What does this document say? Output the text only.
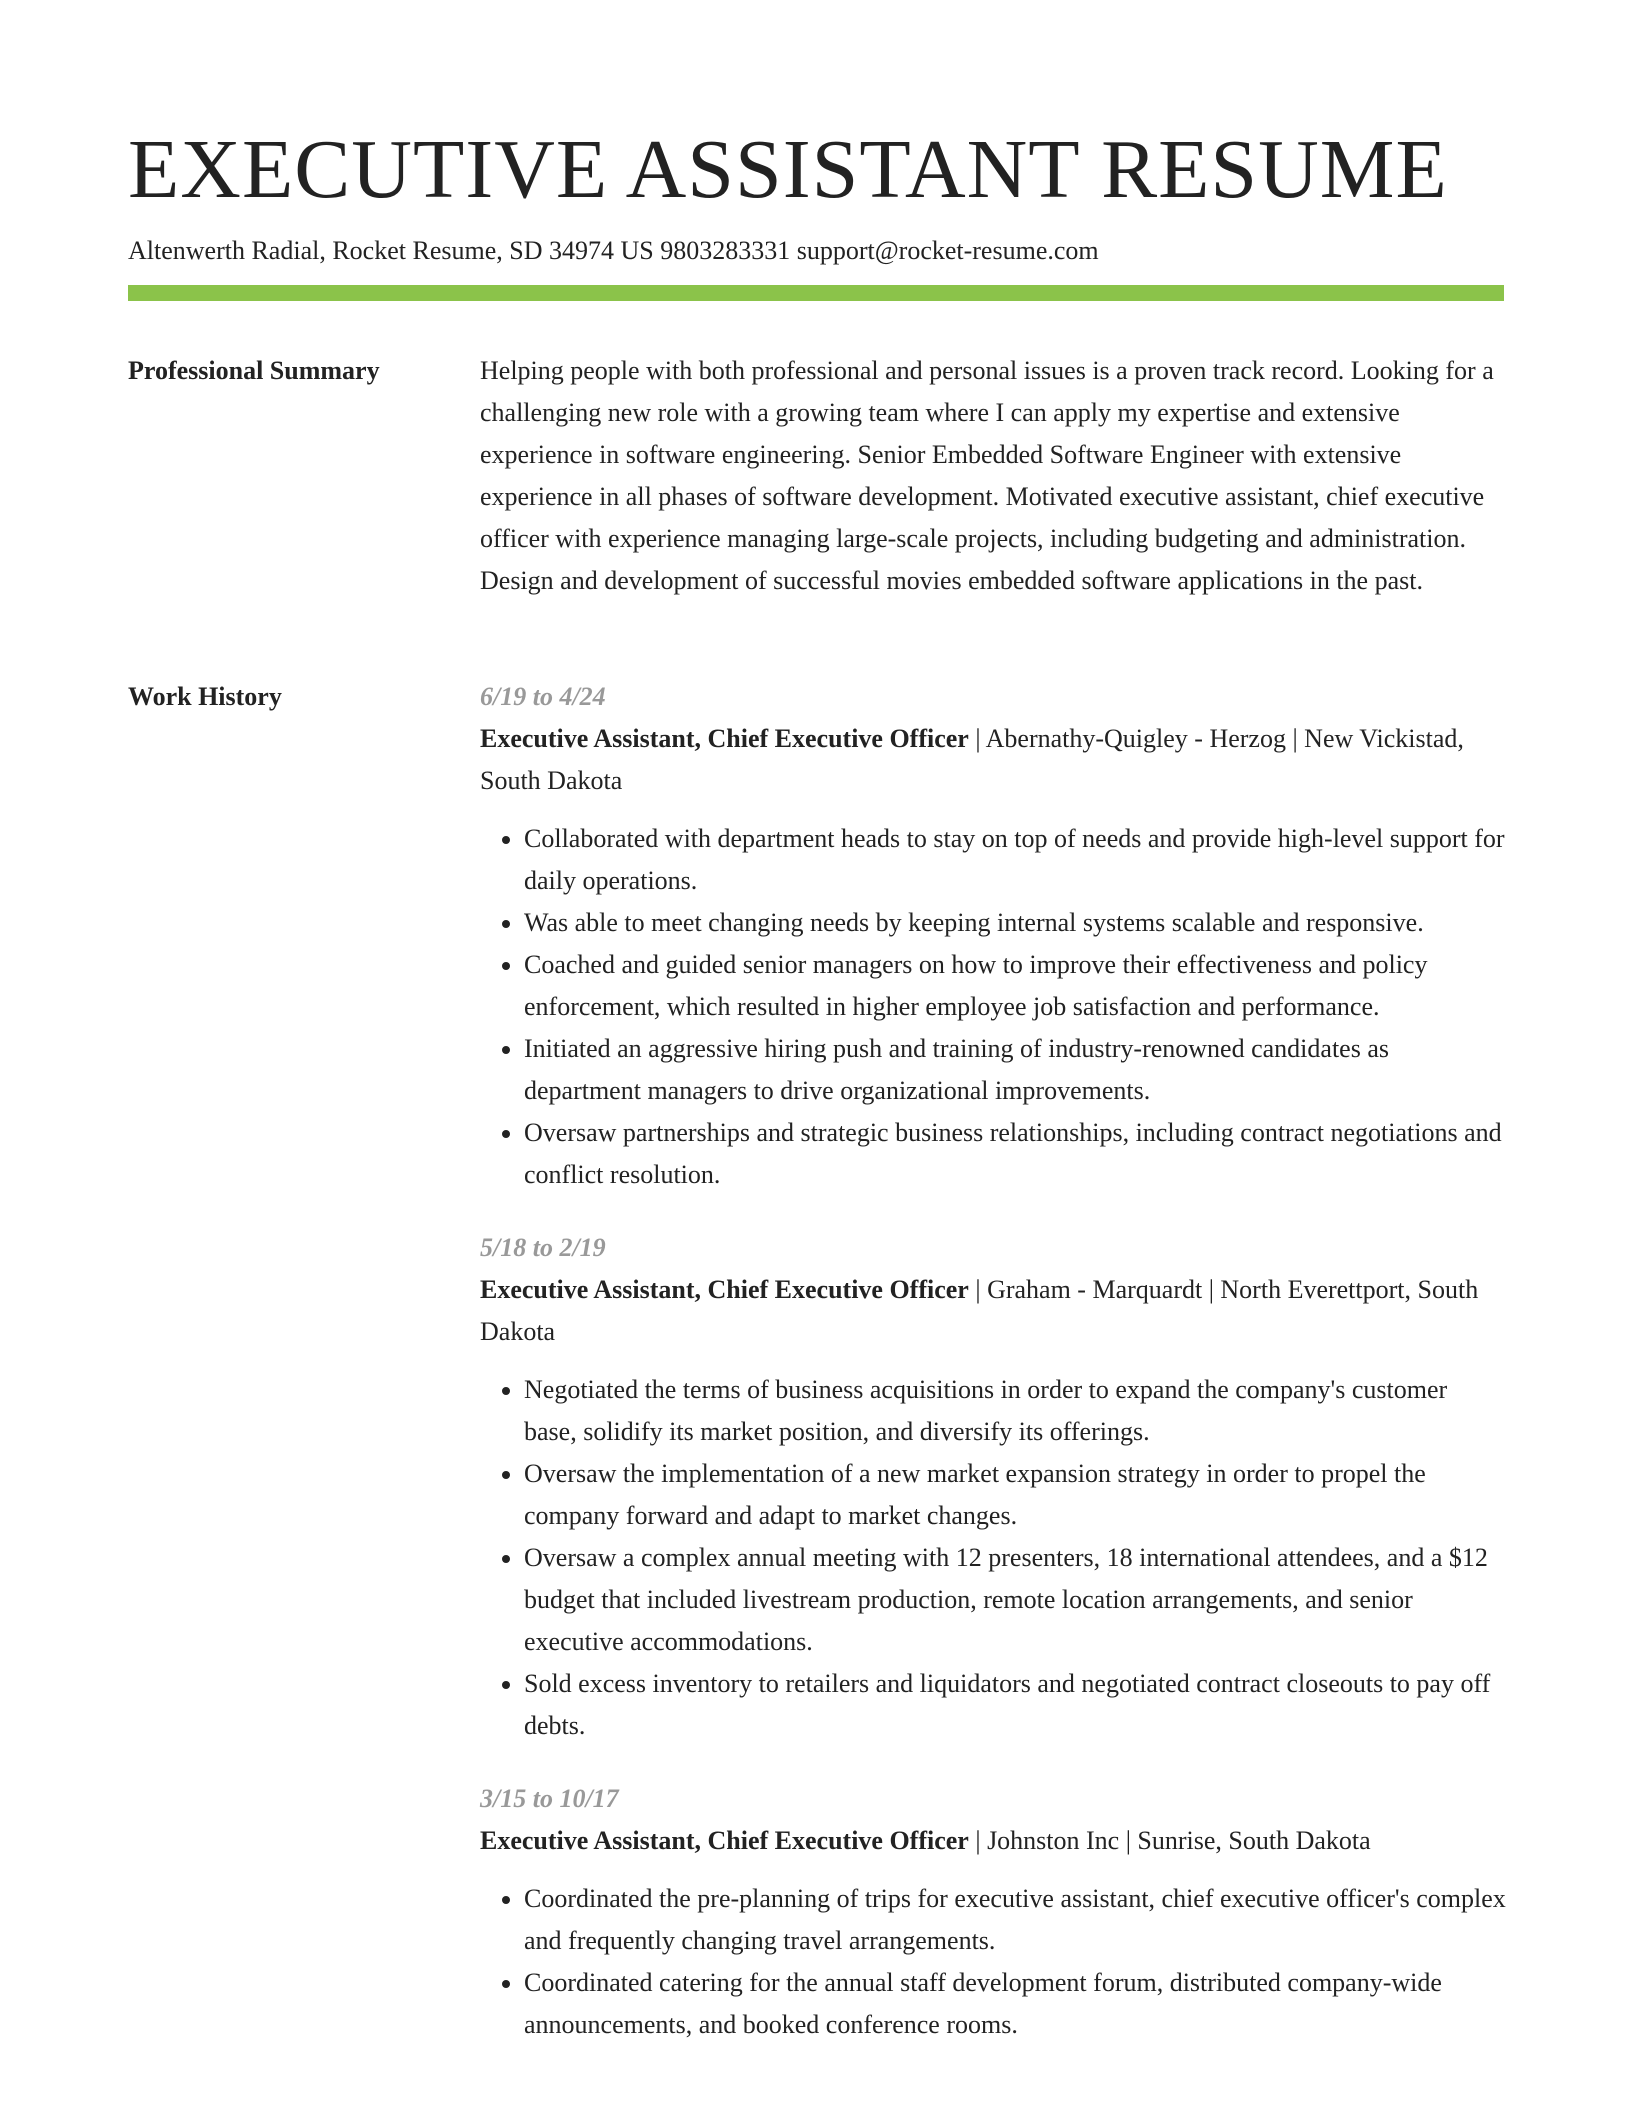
EXECUTIVE ASSISTANT RESUME
Altenwerth Radial, Rocket Resume, SD 34974 US 9803283331 support@rocket-resume.com
Professional Summary	Helping people with both professional and personal issues is a proven track record. Looking for a challenging new role with a growing team where I can apply my expertise and extensive experience in software engineering. Senior Embedded Software Engineer with extensive experience in all phases of software development. Motivated executive assistant, chief executive officer with experience managing large-scale projects, including budgeting and administration. Design and development of successful movies embedded software applications in the past.

Work History	6/19 to 4/24

Executive Assistant, Chief Executive Officer | Abernathy-Quigley - Herzog | New Vickistad, South Dakota

• Collaborated with department heads to stay on top of needs and provide high-level support for daily operations.
• Was able to meet changing needs by keeping internal systems scalable and responsive.
• Coached and guided senior managers on how to improve their effectiveness and policy enforcement, which resulted in higher employee job satisfaction and performance.
• Initiated an aggressive hiring push and training of industry-renowned candidates as department managers to drive organizational improvements.
• Oversaw partnerships and strategic business relationships, including contract negotiations and conflict resolution.
5/18 to 2/19

Executive Assistant, Chief Executive Officer | Graham - Marquardt | North Everettport, South Dakota

• Negotiated the terms of business acquisitions in order to expand the company's customer base, solidify its market position, and diversify its offerings.
• Oversaw the implementation of a new market expansion strategy in order to propel the company forward and adapt to market changes.
• Oversaw a complex annual meeting with 12 presenters, 18 international attendees, and a $12 budget that included livestream production, remote location arrangements, and senior executive accommodations.
• Sold excess inventory to retailers and liquidators and negotiated contract closeouts to pay off debts.
3/15 to 10/17

Executive Assistant, Chief Executive Officer | Johnston Inc | Sunrise, South Dakota

• Coordinated the pre-planning of trips for executive assistant, chief executive officer's complex and frequently changing travel arrangements.
• Coordinated catering for the annual staff development forum, distributed company-wide announcements, and booked conference rooms.
